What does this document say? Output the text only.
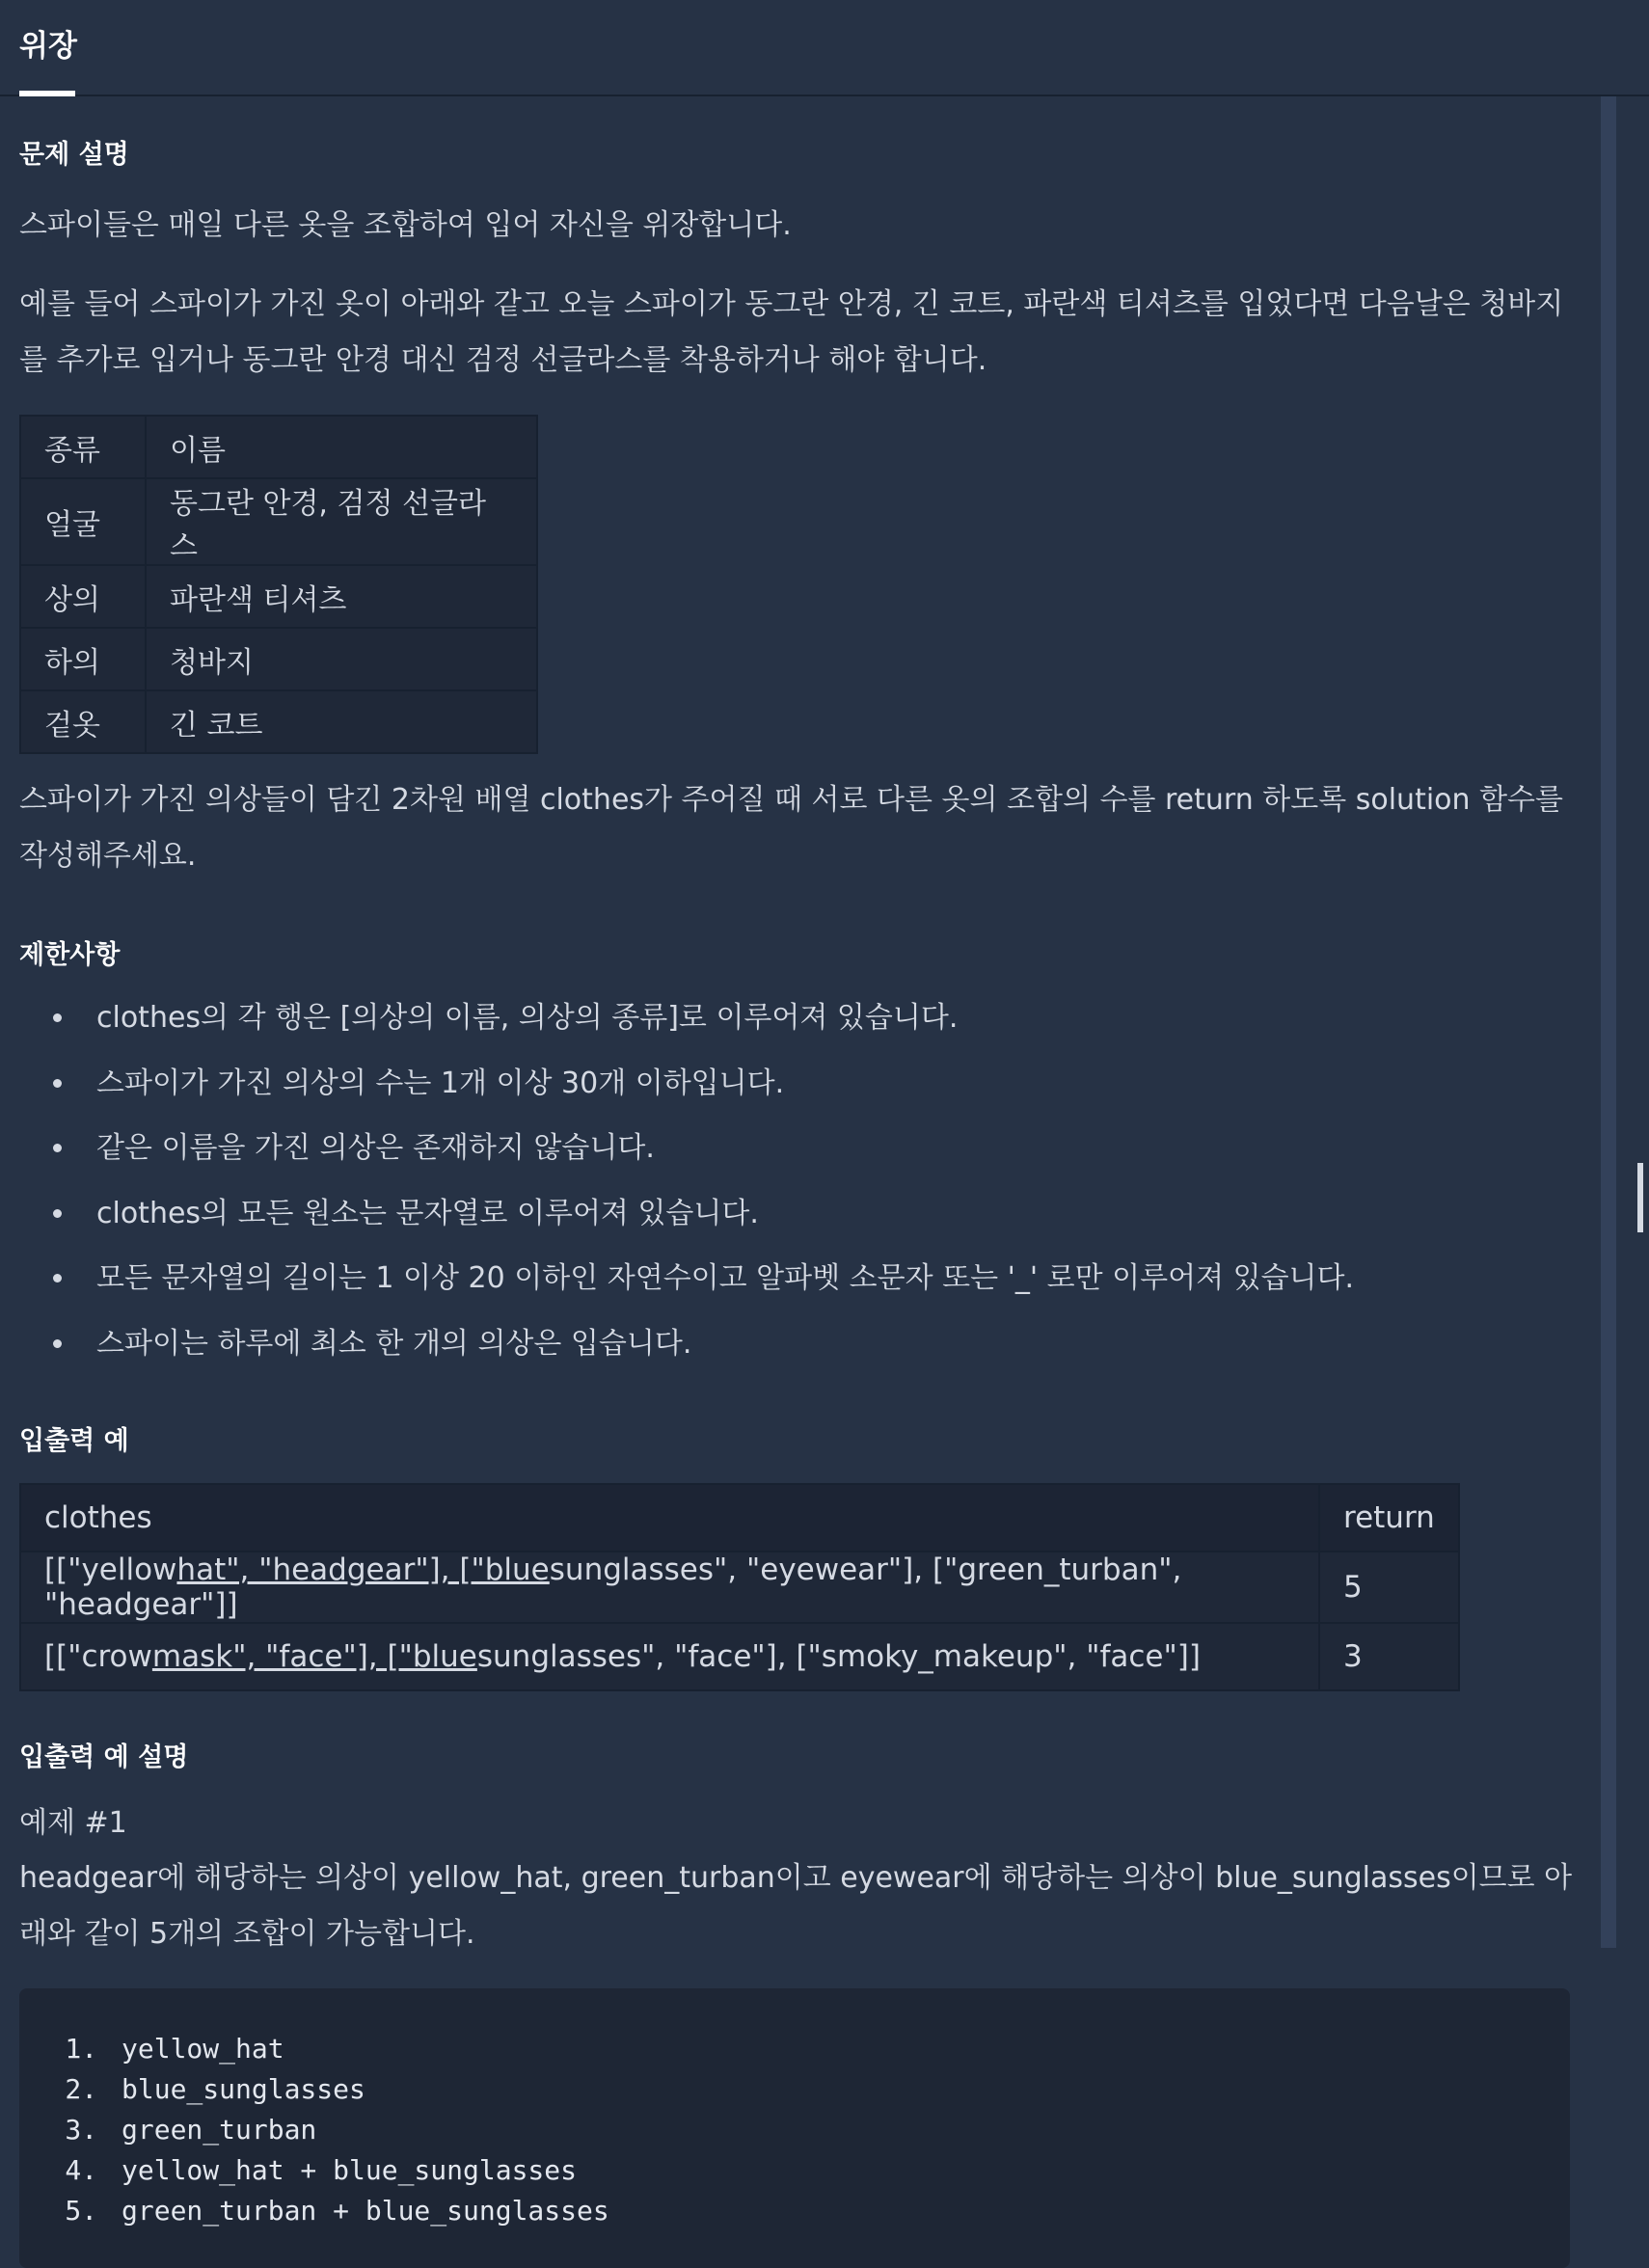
위장
문제 설명

스파이들은 매일 다른 옷을 조합하여 입어 자신을 위장합니다.

예를 들어 스파이가 가진 옷이 아래와 같고 오늘 스파이가 동그란 안경, 긴 코트, 파란색 티셔츠를 입었다면 다음날은 청바지를 추가로 입거나 동그란 안경 대신 검정 선글라스를 착용하거나 해야 합니다.

종류	이름
얼굴	동그란 안경, 검정 선글라스
상의	파란색 티셔츠
하의	청바지
겉옷	긴 코트

스파이가 가진 의상들이 담긴 2차원 배열 clothes가 주어질 때 서로 다른 옷의 조합의 수를 return 하도록 solution 함수를 작성해주세요.

제한사항
• clothes의 각 행은 [의상의 이름, 의상의 종류]로 이루어져 있습니다.
• 스파이가 가진 의상의 수는 1개 이상 30개 이하입니다.
• 같은 이름을 가진 의상은 존재하지 않습니다.
• clothes의 모든 원소는 문자열로 이루어져 있습니다.
• 모든 문자열의 길이는 1 이상 20 이하인 자연수이고 알파벳 소문자 또는 '_' 로만 이루어져 있습니다.
• 스파이는 하루에 최소 한 개의 의상은 입습니다.
입출력 예
clothes	return
[["yellowhat", "headgear"], ["bluesunglasses", "eyewear"], ["green_turban", "headgear"]]	5
[["crowmask", "face"], ["bluesunglasses", "face"], ["smoky_makeup", "face"]]	3
입출력 예 설명
예제 #1

headgear에 해당하는 의상이 yellow_hat, green_turban이고 eyewear에 해당하는 의상이 blue_sunglasses이므로 아래와 같이 5개의 조합이 가능합니다.

1. yellow_hat
2. blue_sunglasses
3. green_turban
4. yellow_hat + blue_sunglasses
5. green_turban + blue_sunglasses
